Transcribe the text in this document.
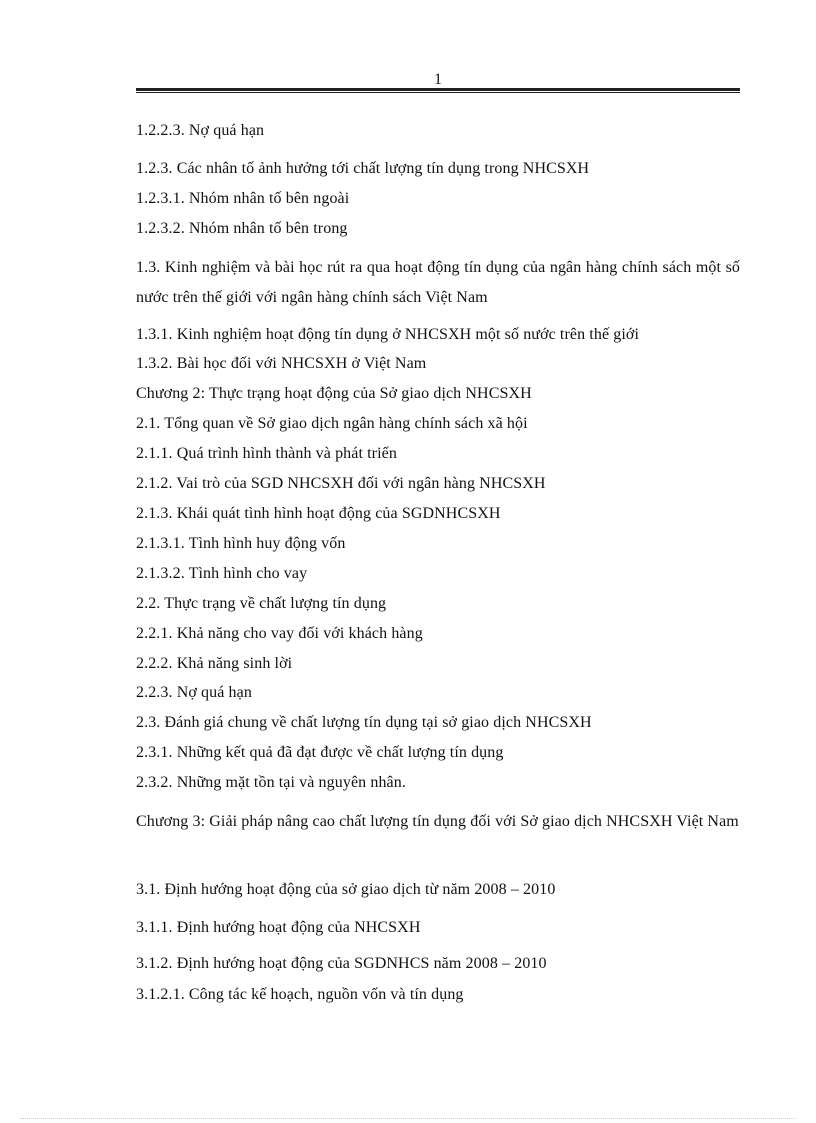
1
1.2.2.3. Nợ quá hạn
1.2.3. Các nhân tố ảnh hưởng tới chất lượng tín dụng trong NHCSXH
1.2.3.1. Nhóm nhân tố bên ngoài
1.2.3.2. Nhóm nhân tố bên trong
1.3. Kinh nghiệm và bài học rút ra qua hoạt động tín dụng của ngân hàng chính sách một số nước trên thế giới với ngân hàng chính sách Việt Nam
1.3.1. Kinh nghiệm hoạt động tín dụng ở NHCSXH một số nước trên thế giới
1.3.2. Bài học đối với NHCSXH ở Việt Nam
Chương 2: Thực trạng hoạt động của Sở giao dịch NHCSXH
2.1. Tổng quan về Sở giao dịch ngân hàng chính sách xã hội
2.1.1. Quá trình hình thành và phát triển
2.1.2. Vai trò của SGD NHCSXH đối với ngân hàng NHCSXH
2.1.3. Khái quát tình hình hoạt động của SGDNHCSXH
2.1.3.1. Tình hình huy động vốn
2.1.3.2. Tình hình cho vay
2.2. Thực trạng về chất lượng tín dụng
2.2.1. Khả năng cho vay đối với khách hàng
2.2.2. Khả năng sinh lời
2.2.3. Nợ quá hạn
2.3. Đánh giá chung về chất lượng tín dụng tại sở giao dịch NHCSXH
2.3.1. Những kết quả đã đạt được về chất lượng tín dụng
2.3.2. Những mặt tồn tại và nguyên nhân.
Chương 3: Giải pháp nâng cao chất lượng tín dụng đối với Sở giao dịch NHCSXH Việt Nam
3.1. Định hướng hoạt động của sở giao dịch từ năm 2008 – 2010
3.1.1. Định hướng hoạt động của NHCSXH
3.1.2. Định hướng hoạt động của SGDNHCS năm 2008 – 2010
3.1.2.1. Công tác kế hoạch, nguồn vốn và tín dụng
